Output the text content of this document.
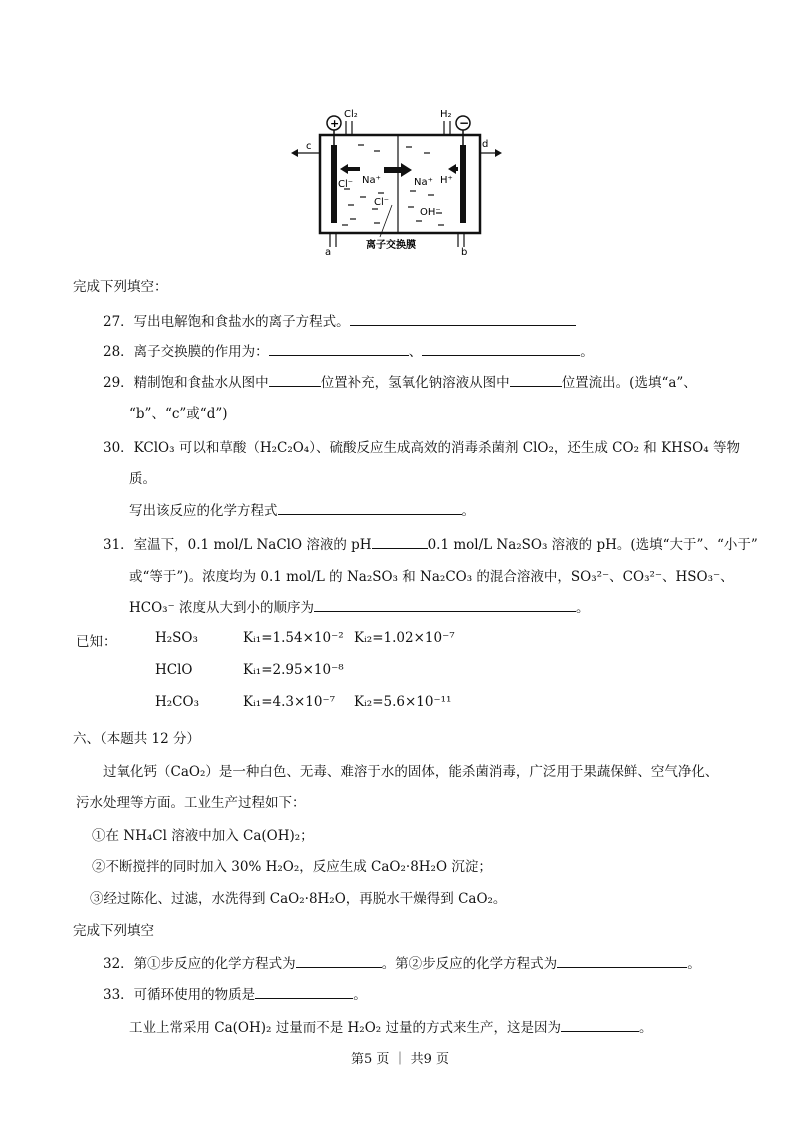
+	−
Cl₂	H₂
c	d
a	b
Cl⁻ Na⁺	Na⁺ H⁺
Cl⁻
OH⁻
离子交换膜
完成下列填空：
27．写出电解饱和食盐水的离子方程式。
28．离子交换膜的作用为：	、	。
29．精制饱和食盐水从图中	位置补充，氢氧化钠溶液从图中	位置流出。(选填“a”、
“b”、“c”或“d”)
30．KClO₃ 可以和草酸（H₂C₂O₄）、硫酸反应生成高效的消毒杀菌剂 ClO₂，还生成 CO₂ 和 KHSO₄ 等物
质。
写出该反应的化学方程式	。
31．室温下，0.1 mol/L NaClO 溶液的 pH	0.1 mol/L Na₂SO₃ 溶液的 pH。(选填“大于”、“小于”
或“等于”)。浓度均为 0.1 mol/L 的 Na₂SO₃ 和 Na₂CO₃ 的混合溶液中，SO₃²⁻、CO₃²⁻、HSO₃⁻、
HCO₃⁻ 浓度从大到小的顺序为	。
已知：	H₂SO₃	Kᵢ₁=1.54×10⁻² Kᵢ₂=1.02×10⁻⁷
HClO	Kᵢ₁=2.95×10⁻⁸
H₂CO₃	Kᵢ₁=4.3×10⁻⁷ Kᵢ₂=5.6×10⁻¹¹
六、（本题共 12 分）
过氧化钙（CaO₂）是一种白色、无毒、难溶于水的固体，能杀菌消毒，广泛用于果蔬保鲜、空气净化、
污水处理等方面。工业生产过程如下：
①在 NH₄Cl 溶液中加入 Ca(OH)₂；
②不断搅拌的同时加入 30% H₂O₂，反应生成 CaO₂·8H₂O 沉淀；
③经过陈化、过滤，水洗得到 CaO₂·8H₂O，再脱水干燥得到 CaO₂。
完成下列填空
32．第①步反应的化学方程式为	。第②步反应的化学方程式为	。
33．可循环使用的物质是	。
工业上常采用 Ca(OH)₂ 过量而不是 H₂O₂ 过量的方式来生产，这是因为	。
第5 页 ｜ 共9 页
